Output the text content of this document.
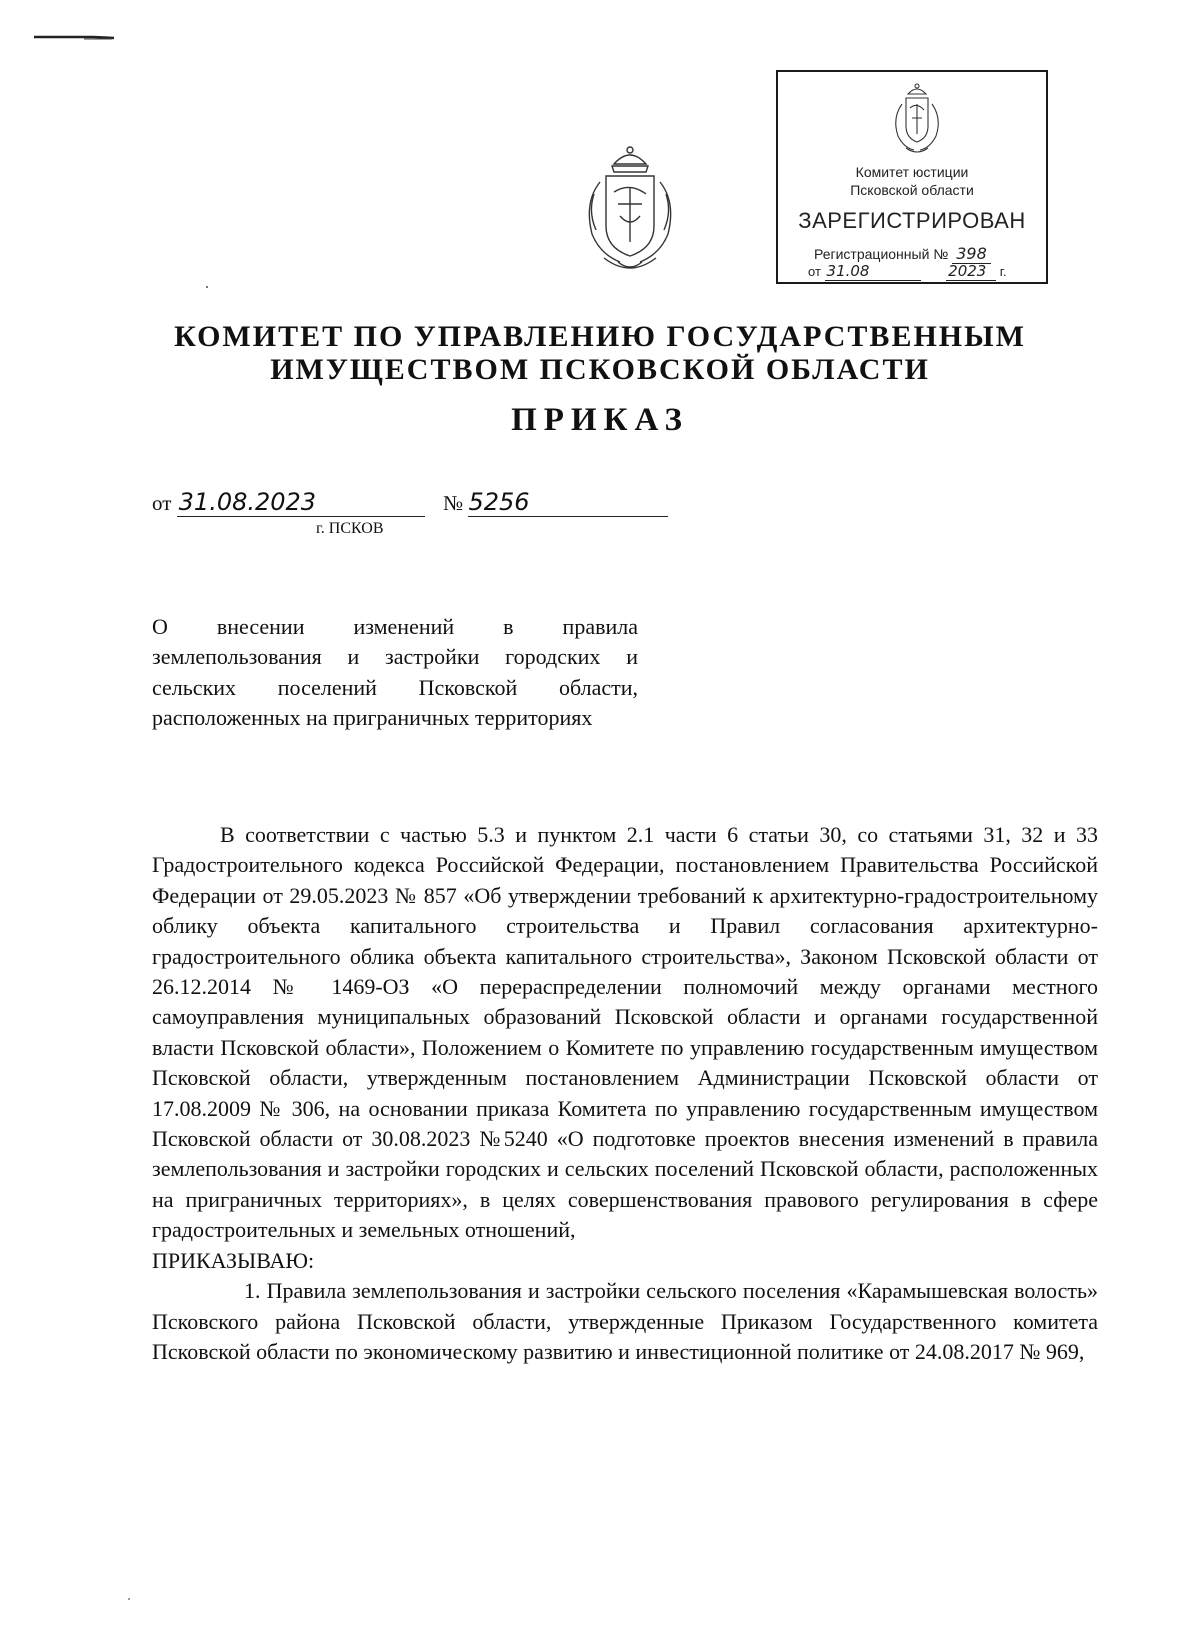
Комитет юстиции
Псковской области
ЗАРЕГИСТРИРОВАН
Регистрационный № 398
от 31.08	2023 г.
КОМИТЕТ ПО УПРАВЛЕНИЮ ГОСУДАРСТВЕННЫМ
ИМУЩЕСТВОМ ПСКОВСКОЙ ОБЛАСТИ
ПРИКАЗ
от 31.08.2023	№ 5256
г. ПСКОВ
О внесении изменений в правила землепользования и застройки городских и сельских поселений Псковской области, расположенных на приграничных территориях

В соответствии с частью 5.3 и пунктом 2.1 части 6 статьи 30, со статьями 31, 32 и 33 Градостроительного кодекса Российской Федерации, постановлением Правительства Российской Федерации от 29.05.2023 № 857 «Об утверждении требований к архитектурно-градостроительному облику объекта капитального строительства и Правил согласования архитектурно-градостроительного облика объекта капитального строительства», Законом Псковской области от 26.12.2014 № 1469-ОЗ «О перераспределении полномочий между органами местного самоуправления муниципальных образований Псковской области и органами государственной власти Псковской области», Положением о Комитете по управлению государственным имуществом Псковской области, утвержденным постановлением Администрации Псковской области от 17.08.2009 № 306, на основании приказа Комитета по управлению государственным имуществом Псковской области от 30.08.2023 №5240 «О подготовке проектов внесения изменений в правила землепользования и застройки городских и сельских поселений Псковской области, расположенных на приграничных территориях», в целях совершенствования правового регулирования в сфере градостроительных и земельных отношений,

ПРИКАЗЫВАЮ:

1. Правила землепользования и застройки сельского поселения «Карамышевская волость» Псковского района Псковской области, утвержденные Приказом Государственного комитета Псковской области по экономическому развитию и инвестиционной политике от 24.08.2017 № 969,
